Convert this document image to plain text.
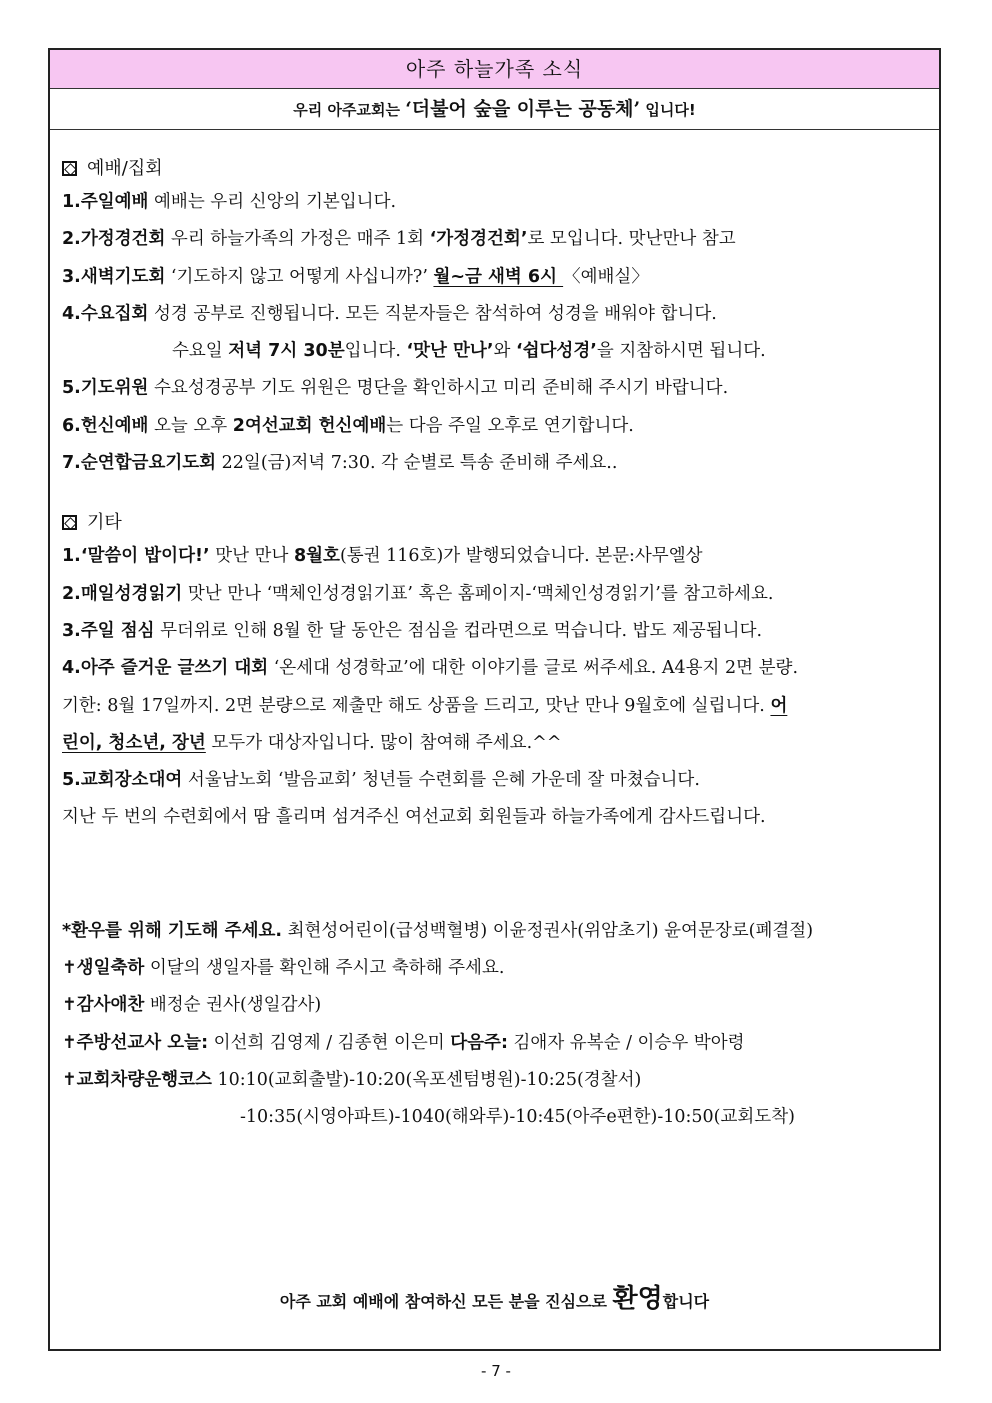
아주 하늘가족 소식
우리 아주교회는 ‘더불어 숲을 이루는 공동체’ 입니다!
예배/집회
1.주일예배 예배는 우리 신앙의 기본입니다.
2.가정경건회 우리 하늘가족의 가정은 매주 1회 ‘가정경건회’로 모입니다. 맛난만나 참고
3.새벽기도회 ‘기도하지 않고 어떻게 사십니까?’ 월~금 새벽 6시 〈예배실〉
4.수요집회 성경 공부로 진행됩니다. 모든 직분자들은 참석하여 성경을 배워야 합니다.
수요일 저녁 7시 30분입니다. ‘맛난 만나’와 ‘쉽다성경’을 지참하시면 됩니다.
5.기도위원 수요성경공부 기도 위원은 명단을 확인하시고 미리 준비해 주시기 바랍니다.
6.헌신예배 오늘 오후 2여선교회 헌신예배는 다음 주일 오후로 연기합니다.
7.순연합금요기도회 22일(금)저녁 7:30. 각 순별로 특송 준비해 주세요..
기타
1.‘말씀이 밥이다!’ 맛난 만나 8월호(통권 116호)가 발행되었습니다. 본문:사무엘상
2.매일성경읽기 맛난 만나 ‘맥체인성경읽기표’ 혹은 홈페이지-‘맥체인성경읽기’를 참고하세요.
3.주일 점심 무더위로 인해 8월 한 달 동안은 점심을 컵라면으로 먹습니다. 밥도 제공됩니다.
4.아주 즐거운 글쓰기 대회 ‘온세대 성경학교’에 대한 이야기를 글로 써주세요. A4용지 2면 분량.
기한: 8월 17일까지. 2면 분량으로 제출만 해도 상품을 드리고, 맛난 만나 9월호에 실립니다. 어
린이, 청소년, 장년 모두가 대상자입니다. 많이 참여해 주세요.^^
5.교회장소대여 서울남노회 ‘발음교회’ 청년들 수련회를 은혜 가운데 잘 마쳤습니다.
지난 두 번의 수련회에서 땀 흘리며 섬겨주신 여선교회 회원들과 하늘가족에게 감사드립니다.
*환우를 위해 기도해 주세요. 최현성어린이(급성백혈병) 이윤정권사(위암초기) 윤여문장로(폐결절)
✝생일축하 이달의 생일자를 확인해 주시고 축하해 주세요.
✝감사애찬 배정순 권사(생일감사)
✝주방선교사 오늘: 이선희 김영제 / 김종현 이은미 다음주: 김애자 유복순 / 이승우 박아령
✝교회차량운행코스 10:10(교회출발)-10:20(옥포센텀병원)-10:25(경찰서)
-10:35(시영아파트)-1040(해와루)-10:45(아주e편한)-10:50(교회도착)
아주 교회 예배에 참여하신 모든 분을 진심으로 환영합니다
- 7 -
